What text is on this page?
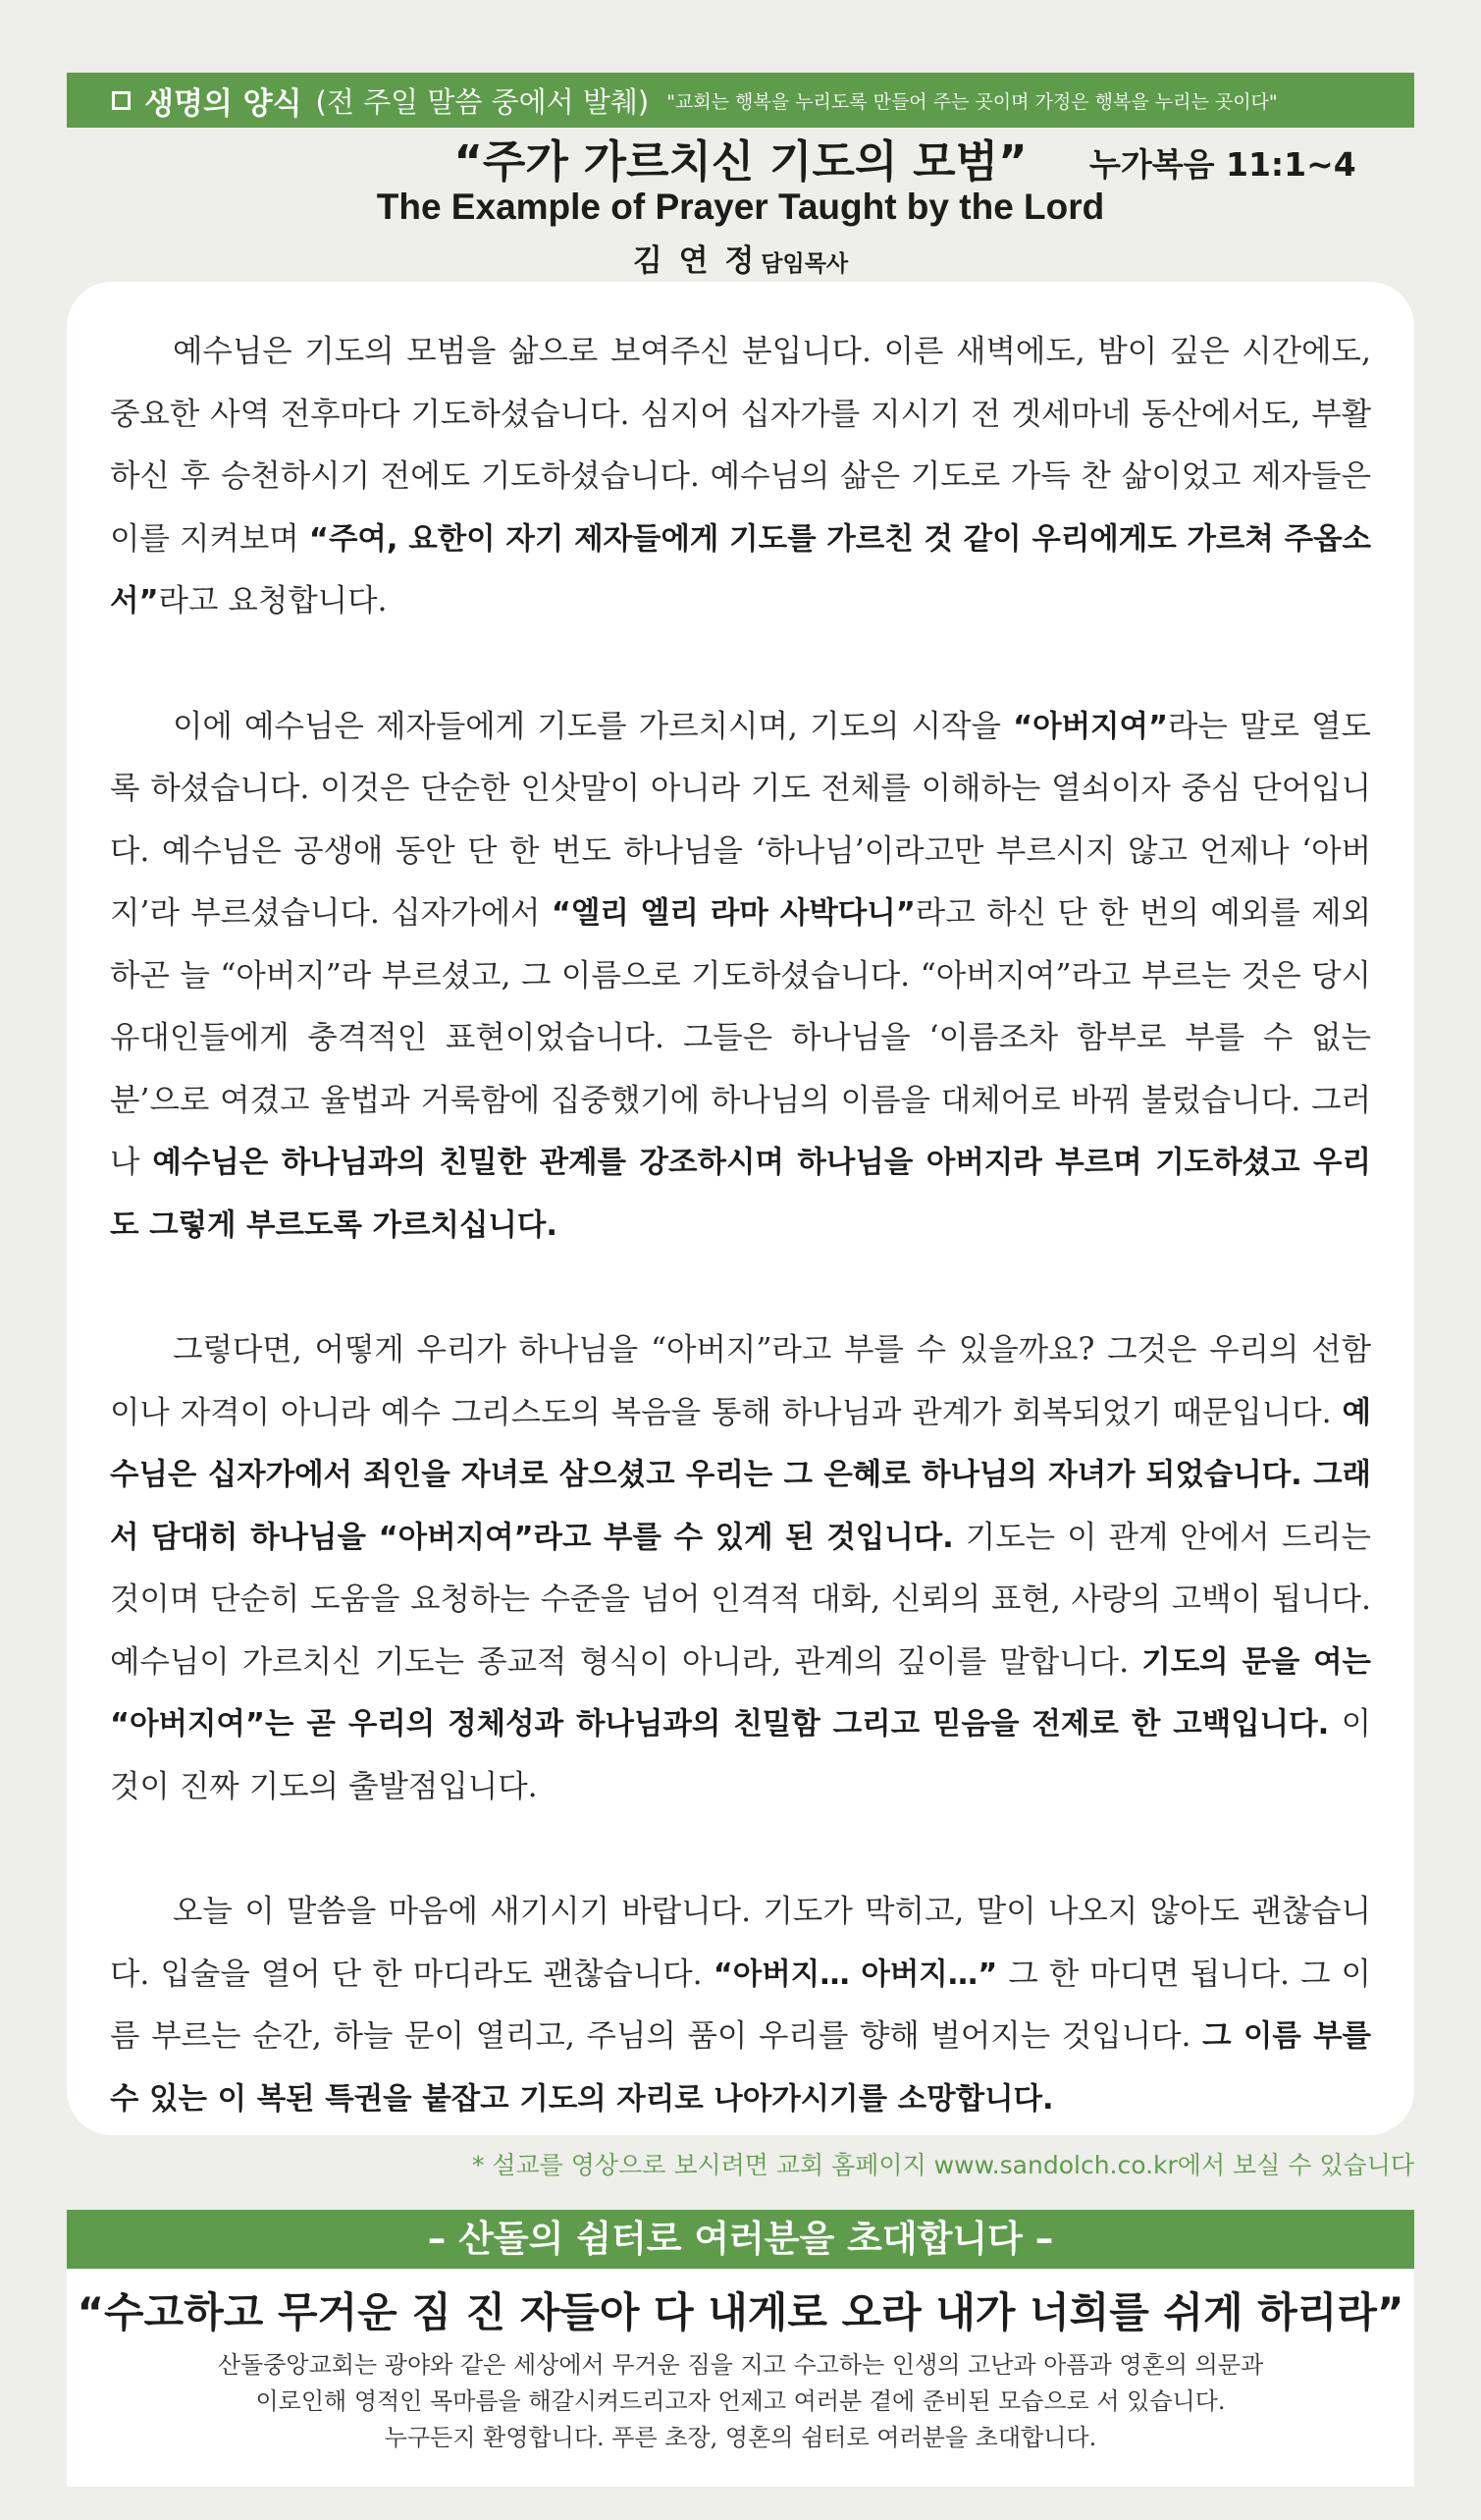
생명의 양식 (전 주일 말씀 중에서 발췌) "교회는 행복을 누리도록 만들어 주는 곳이며 가정은 행복을 누리는 곳이다"
“주가 가르치신 기도의 모범”	누가복음 11:1~4
The Example of Prayer Taught by the Lord
김 연 정 담임목사

예수님은 기도의 모범을 삶으로 보여주신 분입니다. 이른 새벽에도, 밤이 깊은 시간에도, 중요한 사역 전후마다 기도하셨습니다. 심지어 십자가를 지시기 전 겟세마네 동산에서도, 부활하신 후 승천하시기 전에도 기도하셨습니다. 예수님의 삶은 기도로 가득 찬 삶이었고 제자들은 이를 지켜보며 “주여, 요한이 자기 제자들에게 기도를 가르친 것 같이 우리에게도 가르쳐 주옵소서”라고 요청합니다.

이에 예수님은 제자들에게 기도를 가르치시며, 기도의 시작을 “아버지여”라는 말로 열도록 하셨습니다. 이것은 단순한 인삿말이 아니라 기도 전체를 이해하는 열쇠이자 중심 단어입니다. 예수님은 공생애 동안 단 한 번도 하나님을 ‘하나님’이라고만 부르시지 않고 언제나 ‘아버지’라 부르셨습니다. 십자가에서 “엘리 엘리 라마 사박다니”라고 하신 단 한 번의 예외를 제외하곤 늘 “아버지”라 부르셨고, 그 이름으로 기도하셨습니다. “아버지여”라고 부르는 것은 당시 유대인들에게 충격적인 표현이었습니다. 그들은 하나님을 ‘이름조차 함부로 부를 수 없는 분’으로 여겼고 율법과 거룩함에 집중했기에 하나님의 이름을 대체어로 바꿔 불렀습니다. 그러나 예수님은 하나님과의 친밀한 관계를 강조하시며 하나님을 아버지라 부르며 기도하셨고 우리도 그렇게 부르도록 가르치십니다.

그렇다면, 어떻게 우리가 하나님을 “아버지”라고 부를 수 있을까요? 그것은 우리의 선함이나 자격이 아니라 예수 그리스도의 복음을 통해 하나님과 관계가 회복되었기 때문입니다. 예수님은 십자가에서 죄인을 자녀로 삼으셨고 우리는 그 은혜로 하나님의 자녀가 되었습니다. 그래서 담대히 하나님을 “아버지여”라고 부를 수 있게 된 것입니다. 기도는 이 관계 안에서 드리는 것이며 단순히 도움을 요청하는 수준을 넘어 인격적 대화, 신뢰의 표현, 사랑의 고백이 됩니다. 예수님이 가르치신 기도는 종교적 형식이 아니라, 관계의 깊이를 말합니다. 기도의 문을 여는 “아버지여”는 곧 우리의 정체성과 하나님과의 친밀함 그리고 믿음을 전제로 한 고백입니다. 이것이 진짜 기도의 출발점입니다.

오늘 이 말씀을 마음에 새기시기 바랍니다. 기도가 막히고, 말이 나오지 않아도 괜찮습니다. 입술을 열어 단 한 마디라도 괜찮습니다. “아버지… 아버지…” 그 한 마디면 됩니다. 그 이름 부르는 순간, 하늘 문이 열리고, 주님의 품이 우리를 향해 벌어지는 것입니다. 그 이름 부를 수 있는 이 복된 특권을 붙잡고 기도의 자리로 나아가시기를 소망합니다.

* 설교를 영상으로 보시려면 교회 홈페이지 www.sandolch.co.kr에서 보실 수 있습니다
– 산돌의 쉼터로 여러분을 초대합니다 –
“수고하고 무거운 짐 진 자들아 다 내게로 오라 내가 너희를 쉬게 하리라”
산돌중앙교회는 광야와 같은 세상에서 무거운 짐을 지고 수고하는 인생의 고난과 아픔과 영혼의 의문과
이로인해 영적인 목마름을 해갈시켜드리고자 언제고 여러분 곁에 준비된 모습으로 서 있습니다.
누구든지 환영합니다. 푸른 초장, 영혼의 쉼터로 여러분을 초대합니다.
